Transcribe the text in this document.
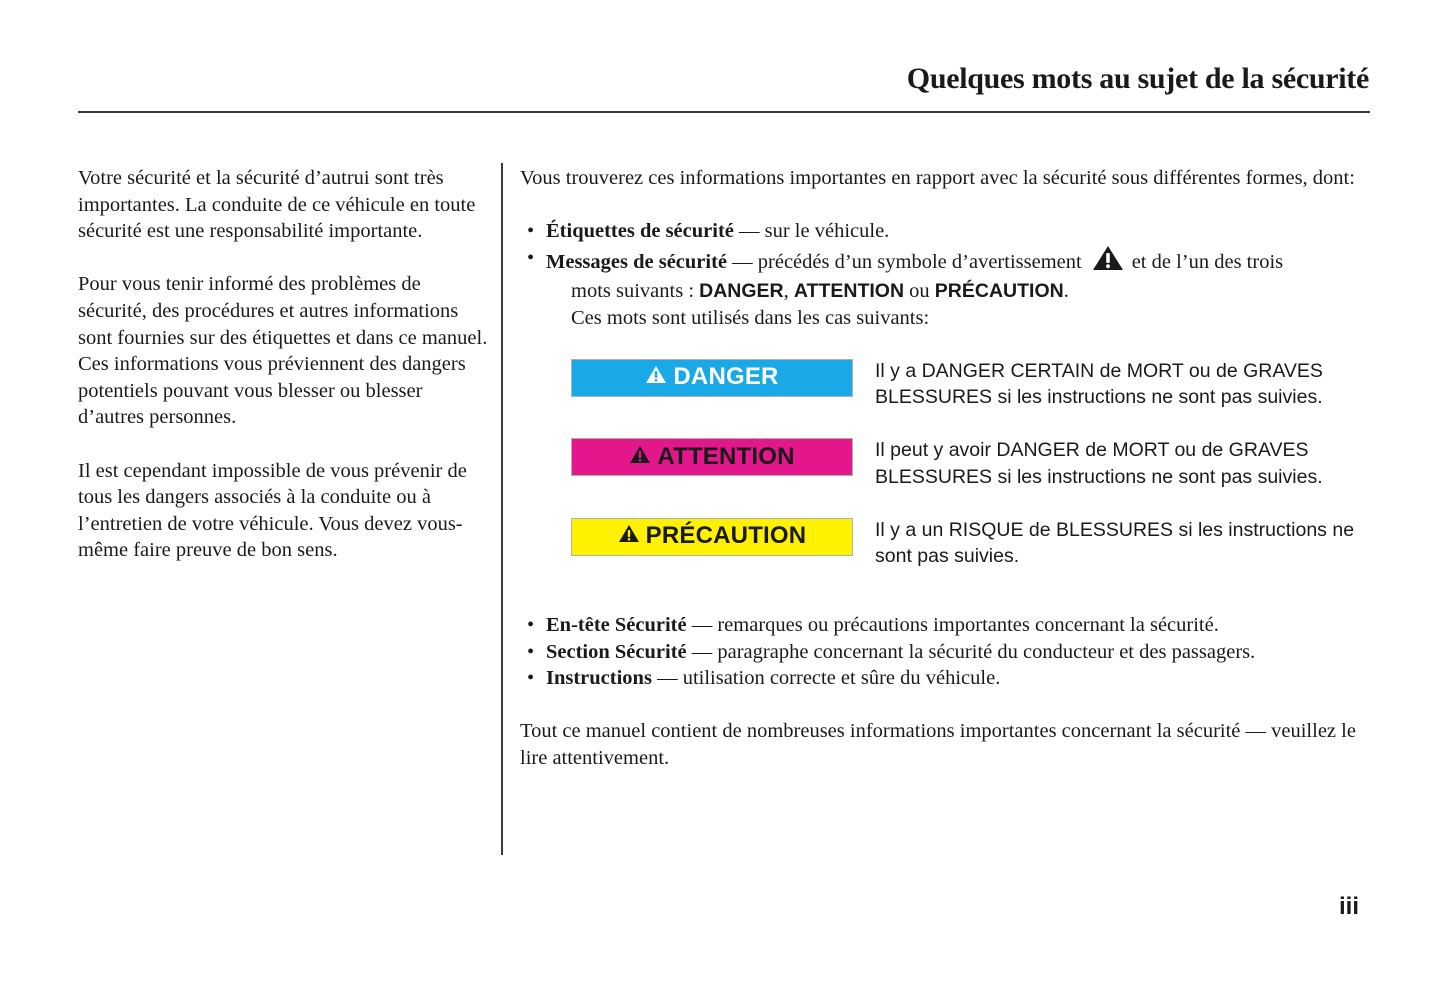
Quelques mots au sujet de la sécurité

Votre sécurité et la sécurité d’autrui sont très importantes. La conduite de ce véhicule en toute sécurité est une responsabilité importante.

Pour vous tenir informé des problèmes de sécurité, des procédures et autres informations sont fournies sur des étiquettes et dans ce manuel. Ces informations vous préviennent des dangers potentiels pouvant vous blesser ou blesser d’autres personnes.

Il est cependant impossible de vous prévenir de tous les dangers associés à la conduite ou à l’entretien de votre véhicule. Vous devez vous-même faire preuve de bon sens.

Vous trouverez ces informations importantes en rapport avec la sécurité sous différentes formes, dont:

• Étiquettes de sécurité — sur le véhicule.
• Messages de sécurité — précédés d’un symbole d’avertissement et de l’un des trois
mots suivants : DANGER, ATTENTION ou PRÉCAUTION.
Ces mots sont utilisés dans les cas suivants:
DANGER	Il y a DANGER CERTAIN de MORT ou de GRAVES BLESSURES si les instructions ne sont pas suivies.
ATTENTION	Il peut y avoir DANGER de MORT ou de GRAVES BLESSURES si les instructions ne sont pas suivies.
PRÉCAUTION	Il y a un RISQUE de BLESSURES si les instructions ne sont pas suivies.
• En-tête Sécurité — remarques ou précautions importantes concernant la sécurité.
• Section Sécurité — paragraphe concernant la sécurité du conducteur et des passagers.
• Instructions — utilisation correcte et sûre du véhicule.

Tout ce manuel contient de nombreuses informations importantes concernant la sécurité — veuillez le lire attentivement.

iii
